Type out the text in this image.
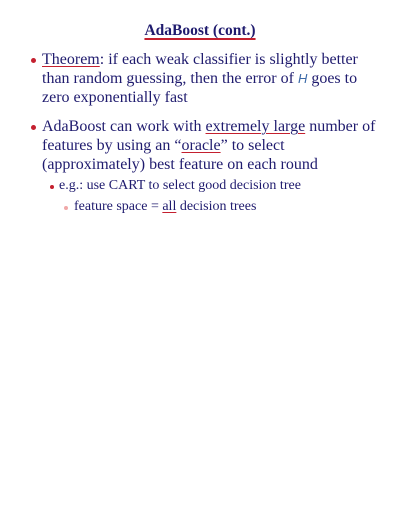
AdaBoost (cont.)
Theorem: if each weak classifier is slightly better than random guessing, then the error of H goes to zero exponentially fast
AdaBoost can work with extremely large number of features by using an “oracle” to select (approximately) best feature on each round
e.g.: use CART to select good decision tree
feature space = all decision trees
